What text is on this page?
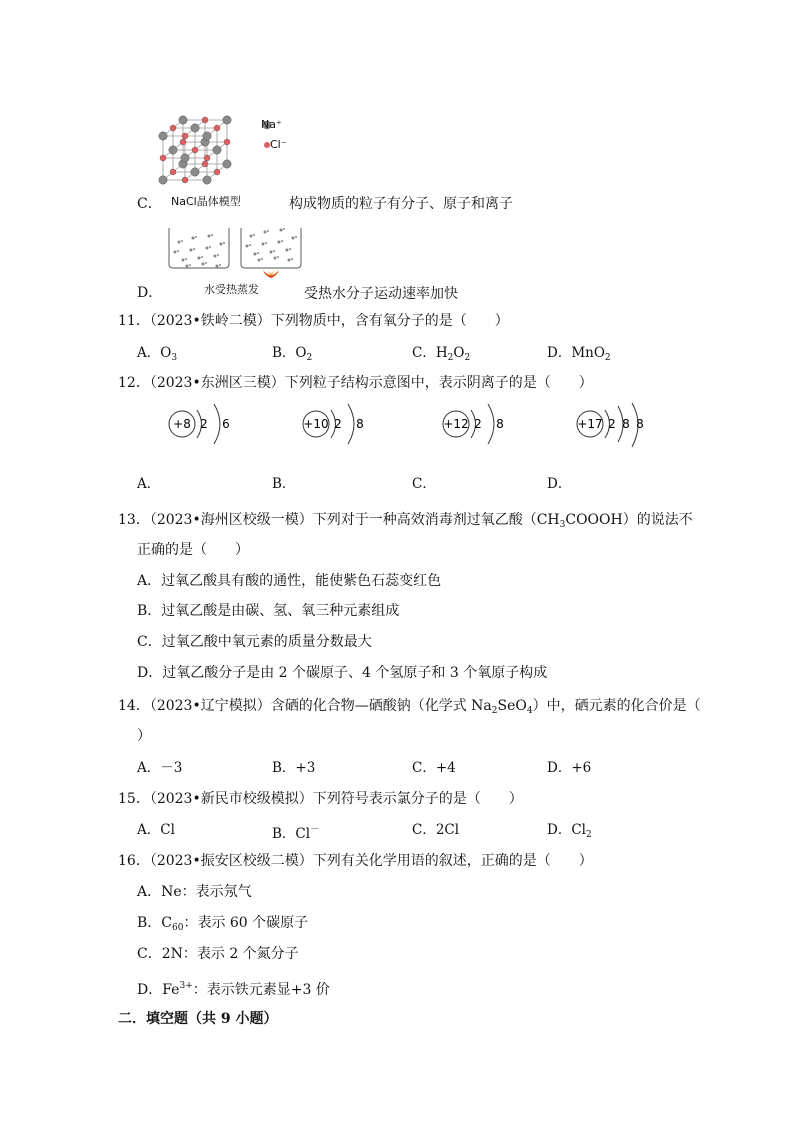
Na⁺
Cl⁻
NaCl晶体模型
C．	构成物质的粒子有分子、原子和离子
水受热蒸发
D．	受热水分子运动速率加快
11．（2023•铁岭二模）下列物质中，含有氧分子的是（　　）
A．$O_3$	B．$O_2$	C．$H_2O_2$	D．MnO$_2$
12．（2023•东洲区三模）下列粒子结构示意图中，表示阴离子的是（　　）
+8 2 6
A．
+10 2 8
B．
+12 2 8
C．
+17 2 8 8
D．
13．（2023•海州区校级一模）下列对于一种高效消毒剂过氧乙酸$(CH_3COOOH)$的说法不
正确的是（　　）
A．过氧乙酸具有酸的通性，能使紫色石蕊变红色
B．过氧乙酸是由碳、氢、氧三种元素组成
C．过氧乙酸中氧元素的质量分数最大
D．过氧乙酸分子是由 2 个碳原子、4 个氢原子和 3 个氧原子构成
14．（2023•辽宁模拟）含硒的化合物—硒酸钠（化学式 $Na_2SeO_4$）中，硒元素的化合价是（
）
A．－3	B．+3	C．+4	D．+6
15．（2023•新民市校级模拟）下列符号表示氯分子的是（　　）
A．Cl	B．Cl－	C．2Cl	D．$Cl_2$
16．（2023•振安区校级二模）下列有关化学用语的叙述，正确的是（　　）
A．Ne：表示氖气
B．$C_{60}$：表示 60 个碳原子
C．2N：表示 2 个氮分子
D．$Fe^{3+}$：表示铁元素显+3 价
二．填空题（共 9 小题）
